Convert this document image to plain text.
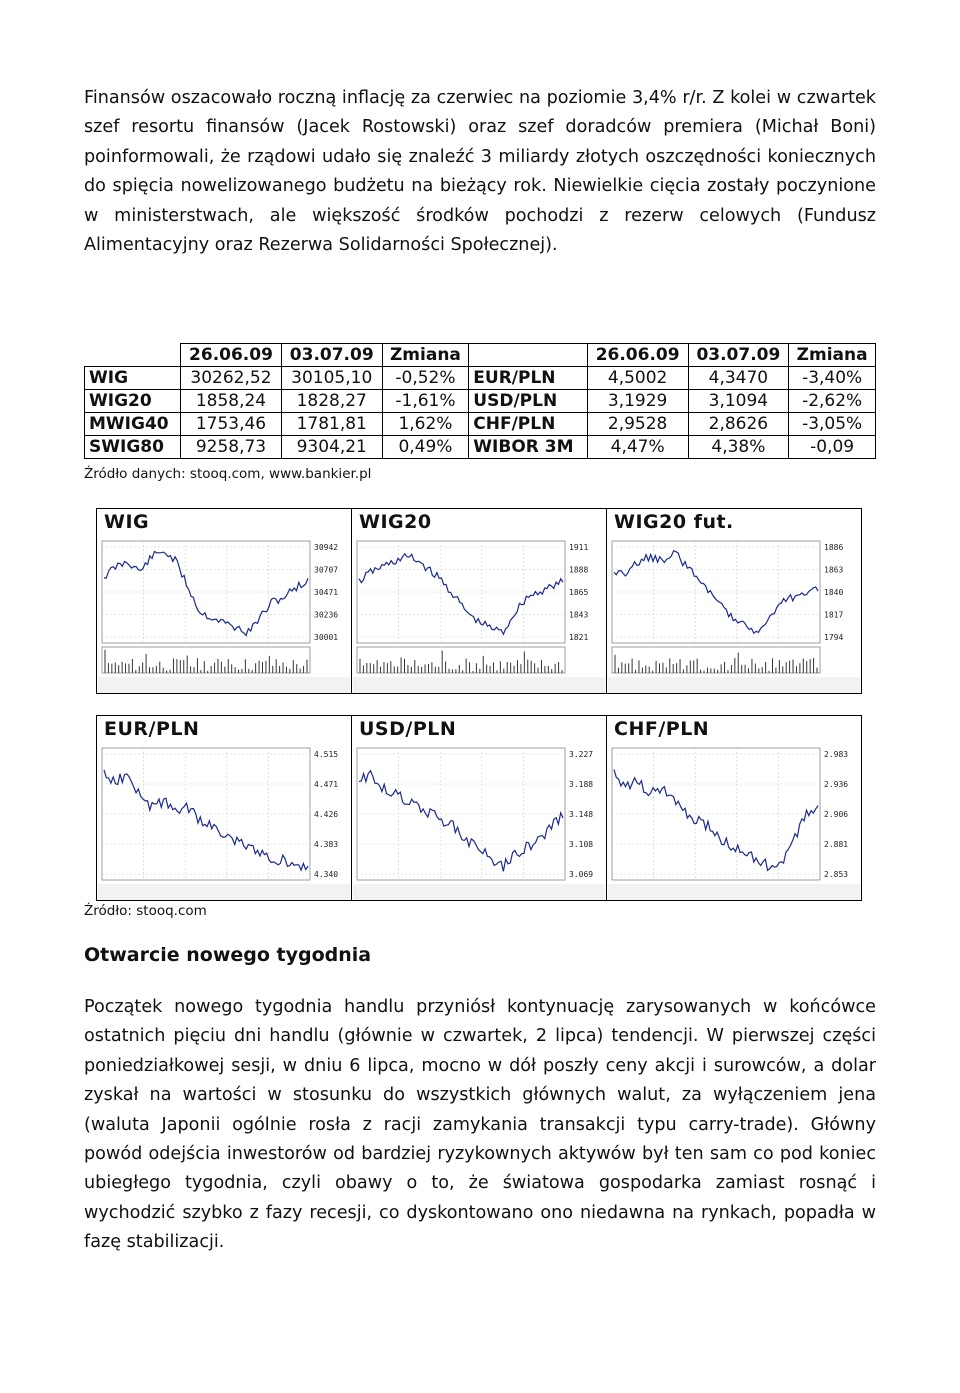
Finansów oszacowało roczną inflację za czerwiec na poziomie 3,4% r/r. Z kolei w czwartek szef resortu finansów (Jacek Rostowski) oraz szef doradców premiera (Michał Boni) poinformowali, że rządowi udało się znaleźć 3 miliardy złotych oszczędności koniecznych do spięcia nowelizowanego budżetu na bieżący rok. Niewielkie cięcia zostały poczynione w ministerstwach, ale większość środków pochodzi z rezerw celowych (Fundusz Alimentacyjny oraz Rezerwa Solidarności Społecznej).

	26.06.09	03.07.09	Zmiana		26.06.09	03.07.09	Zmiana
WIG	30262,52	30105,10	-0,52%	EUR/PLN	4,5002	4,3470	-3,40%
WIG20	1858,24	1828,27	-1,61%	USD/PLN	3,1929	3,1094	-2,62%
MWIG40	1753,46	1781,81	1,62%	CHF/PLN	2,9528	2,8626	-3,05%
SWIG80	9258,73	9304,21	0,49%	WIBOR 3M	4,47%	4,38%	-0,09
Źródło danych: stooq.com, www.bankier.pl
WIG
30942
30707
30471
30236
30001

WIG20
1911
1888
1865
1843
1821

WIG20 fut.
1886
1863
1840
1817
1794
EUR/PLN
4.515
4.471
4.426
4.383
4.340

USD/PLN
3.227
3.188
3.148
3.108
3.069

CHF/PLN
2.983
2.936
2.906
2.881
2.853
Źródło: stooq.com
Otwarcie nowego tygodnia

Początek nowego tygodnia handlu przyniósł kontynuację zarysowanych w końcówce ostatnich pięciu dni handlu (głównie w czwartek, 2 lipca) tendencji. W pierwszej części poniedziałkowej sesji, w dniu 6 lipca, mocno w dół poszły ceny akcji i surowców, a dolar zyskał na wartości w stosunku do wszystkich głównych walut, za wyłączeniem jena (waluta Japonii ogólnie rosła z racji zamykania transakcji typu carry-trade). Główny powód odejścia inwestorów od bardziej ryzykownych aktywów był ten sam co pod koniec ubiegłego tygodnia, czyli obawy o to, że światowa gospodarka zamiast rosnąć i wychodzić szybko z fazy recesji, co dyskontowano ono niedawna na rynkach, popadła w fazę stabilizacji.
